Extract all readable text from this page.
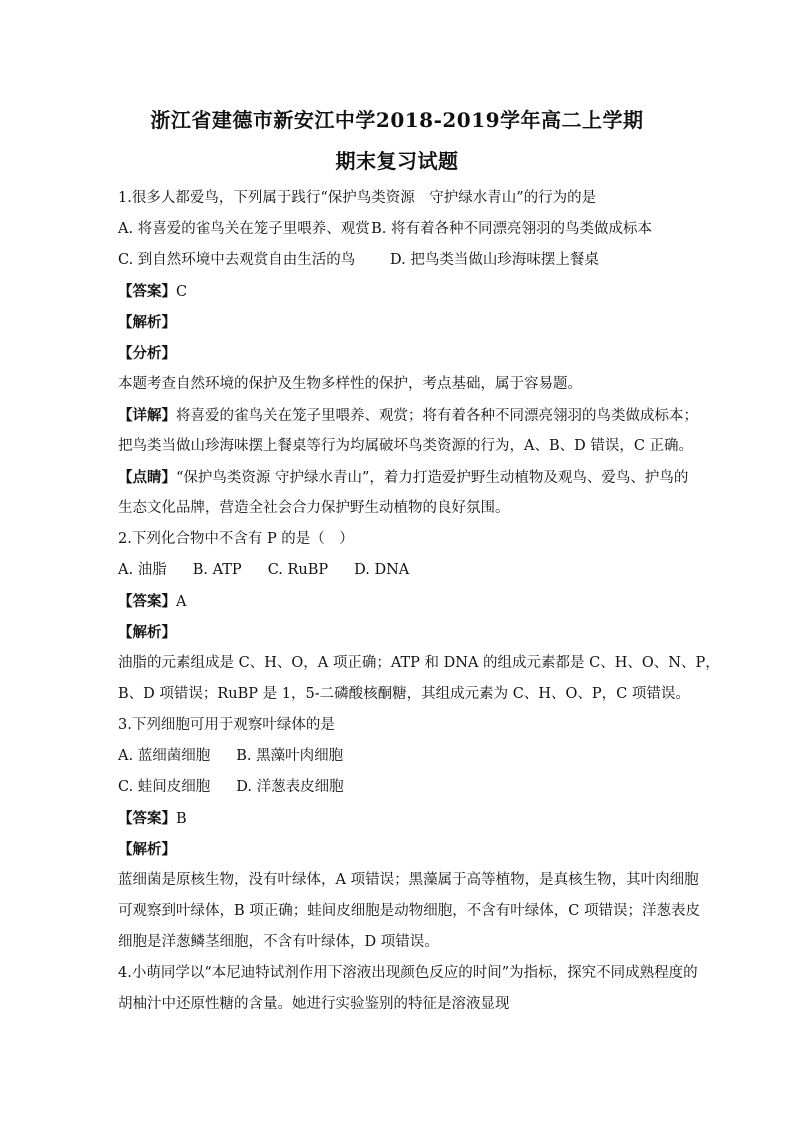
浙江省建德市新安江中学2018-2019学年高二上学期
期末复习试题
1.很多人都爱鸟，下列属于践行“保护鸟类资源　守护绿水青山”的行为的是
A. 将喜爱的雀鸟关在笼子里喂养、观赏 B. 将有着各种不同漂亮翎羽的鸟类做成标本
C. 到自然环境中去观赏自由生活的鸟	D. 把鸟类当做山珍海味摆上餐桌
【答案】C
【解析】
【分析】
本题考查自然环境的保护及生物多样性的保护，考点基础，属于容易题。
【详解】将喜爱的雀鸟关在笼子里喂养、观赏；将有着各种不同漂亮翎羽的鸟类做成标本；
把鸟类当做山珍海味摆上餐桌等行为均属破坏鸟类资源的行为，A、B、D 错误，C 正确。
【点睛】“保护鸟类资源 守护绿水青山”，着力打造爱护野生动植物及观鸟、爱鸟、护鸟的
生态文化品牌，营造全社会合力保护野生动植物的良好氛围。
2.下列化合物中不含有 P 的是（　）
A. 油脂 B. ATP C. RuBP D. DNA
【答案】A
【解析】
油脂的元素组成是 C、H、O，A 项正确；ATP 和 DNA 的组成元素都是 C、H、O、N、P，
B、D 项错误；RuBP 是 1，5-二磷酸核酮糖，其组成元素为 C、H、O、P，C 项错误。
3.下列细胞可用于观察叶绿体的是
A. 蓝细菌细胞 B. 黑藻叶肉细胞
C. 蛙间皮细胞 D. 洋葱表皮细胞
【答案】B
【解析】
蓝细菌是原核生物，没有叶绿体，A 项错误；黑藻属于高等植物，是真核生物，其叶肉细胞
可观察到叶绿体，B 项正确；蛙间皮细胞是动物细胞，不含有叶绿体，C 项错误；洋葱表皮
细胞是洋葱鳞茎细胞，不含有叶绿体，D 项错误。
4.小萌同学以“本尼迪特试剂作用下溶液出现颜色反应的时间”为指标，探究不同成熟程度的
胡柚汁中还原性糖的含量。她进行实验鉴别的特征是溶液显现
